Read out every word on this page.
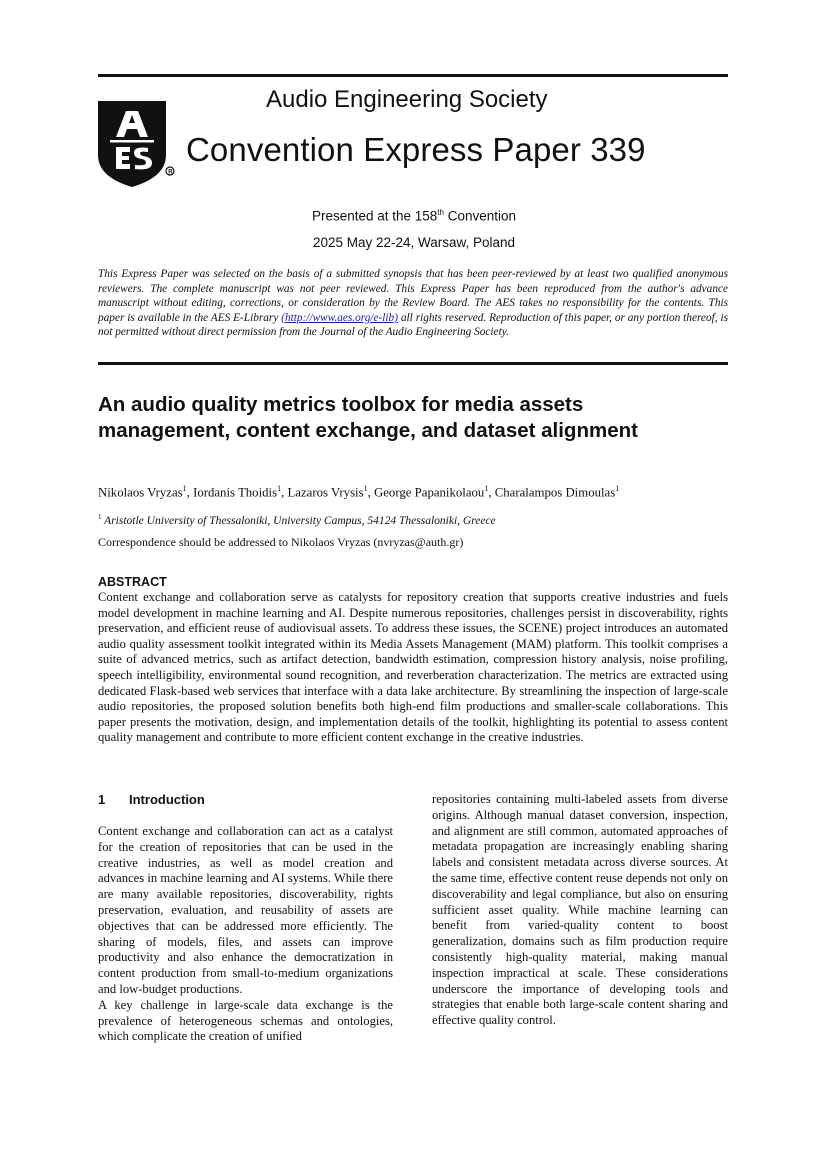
R
Audio Engineering Society
Convention Express Paper 339
Presented at the 158th Convention
2025 May 22-24, Warsaw, Poland
This Express Paper was selected on the basis of a submitted synopsis that has been peer-reviewed by at least two qualified anonymous reviewers. The complete manuscript was not peer reviewed. This Express Paper has been reproduced from the author's advance manuscript without editing, corrections, or consideration by the Review Board. The AES takes no responsibility for the contents. This paper is available in the AES E-Library (http://www.aes.org/e-lib) all rights reserved. Reproduction of this paper, or any portion thereof, is not permitted without direct permission from the Journal of the Audio Engineering Society.
An audio quality metrics toolbox for media assets
management, content exchange, and dataset alignment
Nikolaos Vryzas$^1$, Iordanis Thoidis$^1$, Lazaros Vrysis$^1$, George Papanikolaou$^1$, Charalampos Dimoulas$^1$
$^1$ Aristotle University of Thessaloniki, University Campus, 54124 Thessaloniki, Greece
Correspondence should be addressed to Nikolaos Vryzas (nvryzas@auth.gr)
ABSTRACT
Content exchange and collaboration serve as catalysts for repository creation that supports creative industries and fuels model development in machine learning and AI. Despite numerous repositories, challenges persist in discoverability, rights preservation, and efficient reuse of audiovisual assets. To address these issues, the SCENE) project introduces an automated audio quality assessment toolkit integrated within its Media Assets Management (MAM) platform. This toolkit comprises a suite of advanced metrics, such as artifact detection, bandwidth estimation, compression history analysis, noise profiling, speech intelligibility, environmental sound recognition, and reverberation characterization. The metrics are extracted using dedicated Flask-based web services that interface with a data lake architecture. By streamlining the inspection of large-scale audio repositories, the proposed solution benefits both high-end film productions and smaller-scale collaborations. This paper presents the motivation, design, and implementation details of the toolkit, highlighting its potential to assess content quality management and contribute to more efficient content exchange in the creative industries.
1 Introduction

Content exchange and collaboration can act as a catalyst for the creation of repositories that can be used in the creative industries, as well as model creation and advances in machine learning and AI systems. While there are many available repositories, discoverability, rights preservation, evaluation, and reusability of assets are objectives that can be addressed more efficiently. The sharing of models, files, and assets can improve productivity and also enhance the democratization in content production from small-to-medium organizations and low-budget productions.

A key challenge in large-scale data exchange is the prevalence of heterogeneous schemas and ontologies, which complicate the creation of unified

repositories containing multi-labeled assets from diverse origins. Although manual dataset conversion, inspection, and alignment are still common, automated approaches of metadata propagation are increasingly enabling sharing labels and consistent metadata across diverse sources. At the same time, effective content reuse depends not only on discoverability and legal compliance, but also on ensuring sufficient asset quality. While machine learning can benefit from varied-quality content to boost generalization, domains such as film production require consistently high-quality material, making manual inspection impractical at scale. These considerations underscore the importance of developing tools and strategies that enable both large-scale content sharing and effective quality control.
